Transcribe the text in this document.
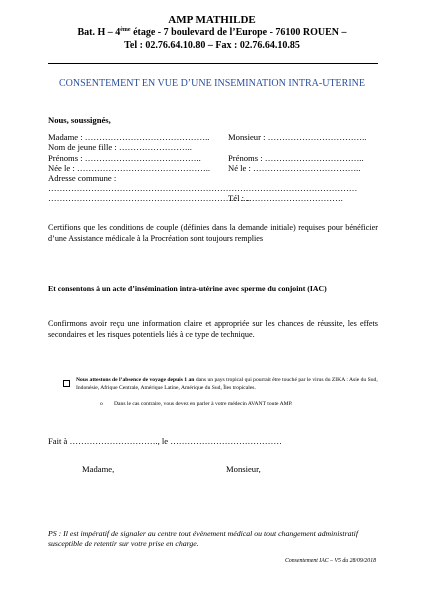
AMP MATHILDE
Bat. H – 4ème étage - 7 boulevard de l’Europe - 76100 ROUEN –
Tel : 02.76.64.10.80 – Fax : 02.76.64.10.85
CONSENTEMENT EN VUE D’UNE INSEMINATION INTRA-UTERINE
Nous, soussignés,
Madame : …………………………………….. Monsieur : ……………………………..
Nom de jeune fille : ……………………..
Prénoms : …………………………………..	Prénoms : ……………………………..
Née le : ……………………………………….. Né le : ………………………………..
Adresse commune :
………………………………………………………………………………………………
……………………………………………………………..
Tél : …………………………….
Certifions que les conditions de couple (définies dans la demande initiale) requises pour bénéficier d’une Assistance médicale à la Procréation sont toujours remplies
Et consentons à un acte d’insémination intra-utérine avec sperme du conjoint (IAC)
Confirmons avoir reçu une information claire et appropriée sur les chances de réussite, les effets secondaires et les risques potentiels liés à ce type de technique.
Nous attestons de l’absence de voyage depuis 1 an dans un pays tropical qui pourrait être touché par le virus du ZIKA : Asie du Sud, Indonésie, Afrique Centrale, Amérique Latine, Amérique du Sud, Îles tropicales.
o Dans le cas contraire, vous devez en parler à votre médecin AVANT toute AMP.
Fait à …………………………., le …………………………………
Madame,	Monsieur,
PS : Il est impératif de signaler au centre tout évènement médical ou tout changement administratif susceptible de retentir sur votre prise en charge.
Consentement IAC – V5 du 28/09/2018
